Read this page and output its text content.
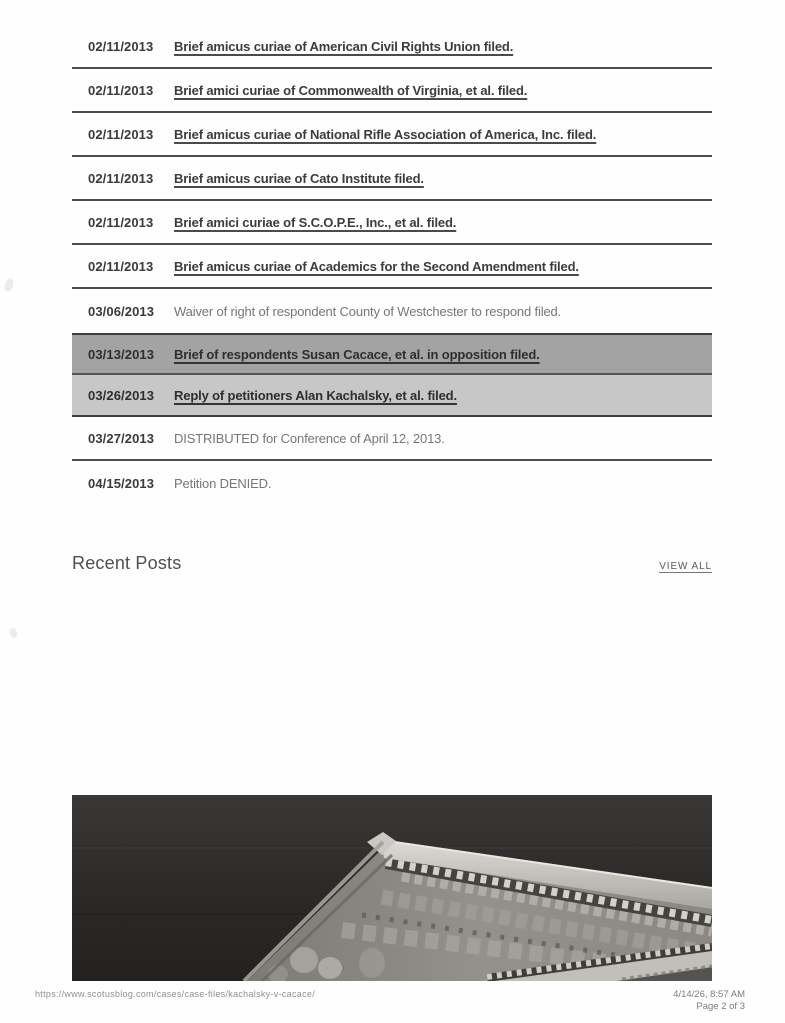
02/11/2013	Brief amicus curiae of American Civil Rights Union filed.
02/11/2013	Brief amici curiae of Commonwealth of Virginia, et al. filed.
02/11/2013	Brief amicus curiae of National Rifle Association of America, Inc. filed.
02/11/2013	Brief amicus curiae of Cato Institute filed.
02/11/2013	Brief amici curiae of S.C.O.P.E., Inc., et al. filed.
02/11/2013	Brief amicus curiae of Academics for the Second Amendment filed.
03/06/2013	Waiver of right of respondent County of Westchester to respond filed.
03/13/2013	Brief of respondents Susan Cacace, et al. in opposition filed.
03/26/2013	Reply of petitioners Alan Kachalsky, et al. filed.
03/27/2013	DISTRIBUTED for Conference of April 12, 2013.
04/15/2013	Petition DENIED.
Recent Posts	VIEW ALL
https://www.scotusblog.com/cases/case-files/kachalsky-v-cacace/	4/14/26, 8:57 AM
Page 2 of 3
